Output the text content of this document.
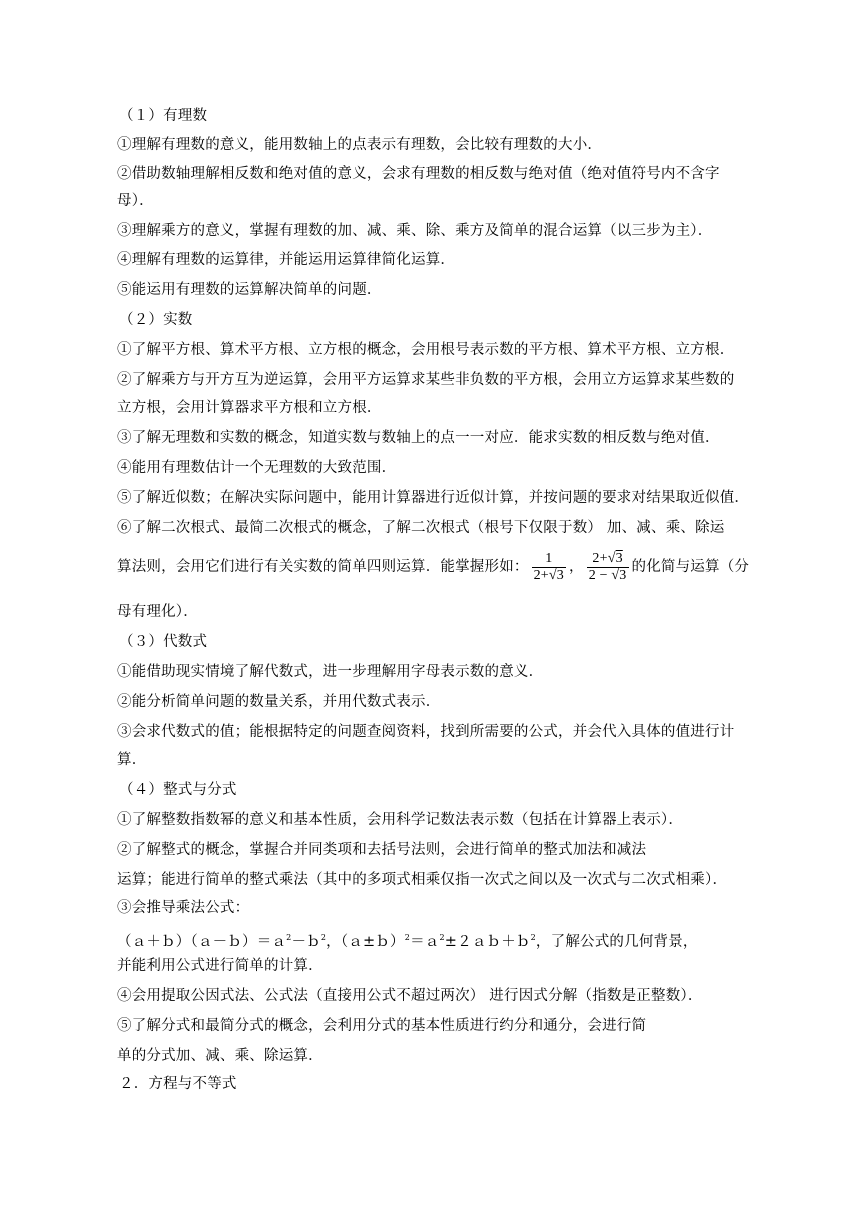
（１）有理数
①理解有理数的意义，能用数轴上的点表示有理数，会比较有理数的大小．
②借助数轴理解相反数和绝对值的意义，会求有理数的相反数与绝对值（绝对值符号内不含字
母）．
③理解乘方的意义，掌握有理数的加、减、乘、除、乘方及简单的混合运算（以三步为主）．
④理解有理数的运算律，并能运用运算律简化运算．
⑤能运用有理数的运算解决简单的问题．
（２）实数
①了解平方根、算术平方根、立方根的概念，会用根号表示数的平方根、算术平方根、立方根．
②了解乘方与开方互为逆运算，会用平方运算求某些非负数的平方根，会用立方运算求某些数的
立方根，会用计算器求平方根和立方根．
③了解无理数和实数的概念，知道实数与数轴上的点一一对应．能求实数的相反数与绝对值．
④能用有理数估计一个无理数的大致范围．
⑤了解近似数；在解决实际问题中，能用计算器进行近似计算，并按问题的要求对结果取近似值．
⑥了解二次根式、最简二次根式的概念，了解二次根式（根号下仅限于数） 加、减、乘、除运
算法则，会用它们进行有关实数的简单四则运算．能掌握形如： $\frac{1}{2+√3}$ ， $\frac{2+√3}{2 - √3}$ 的化简与运算（分
母有理化）．
（３）代数式
①能借助现实情境了解代数式，进一步理解用字母表示数的意义．
②能分析简单问题的数量关系，并用代数式表示．
③会求代数式的值；能根据特定的问题查阅资料，找到所需要的公式，并会代入具体的值进行计
算．
（４）整式与分式
①了解整数指数幂的意义和基本性质，会用科学记数法表示数（包括在计算器上表示）．
②了解整式的概念，掌握合并同类项和去括号法则，会进行简单的整式加法和减法
运算；能进行简单的整式乘法（其中的多项式相乘仅指一次式之间以及一次式与二次式相乘）．
③会推导乘法公式：
（ａ＋ｂ）（ａ－ｂ）＝ａ$^2$－ｂ$^2$，（ａ±ｂ）$^2$＝ａ$^2$±２ａｂ＋ｂ$^2$，了解公式的几何背景，
并能利用公式进行简单的计算．
④会用提取公因式法、公式法（直接用公式不超过两次） 进行因式分解（指数是正整数）．
⑤了解分式和最简分式的概念，会利用分式的基本性质进行约分和通分，会进行简
单的分式加、减、乘、除运算．
２．方程与不等式
